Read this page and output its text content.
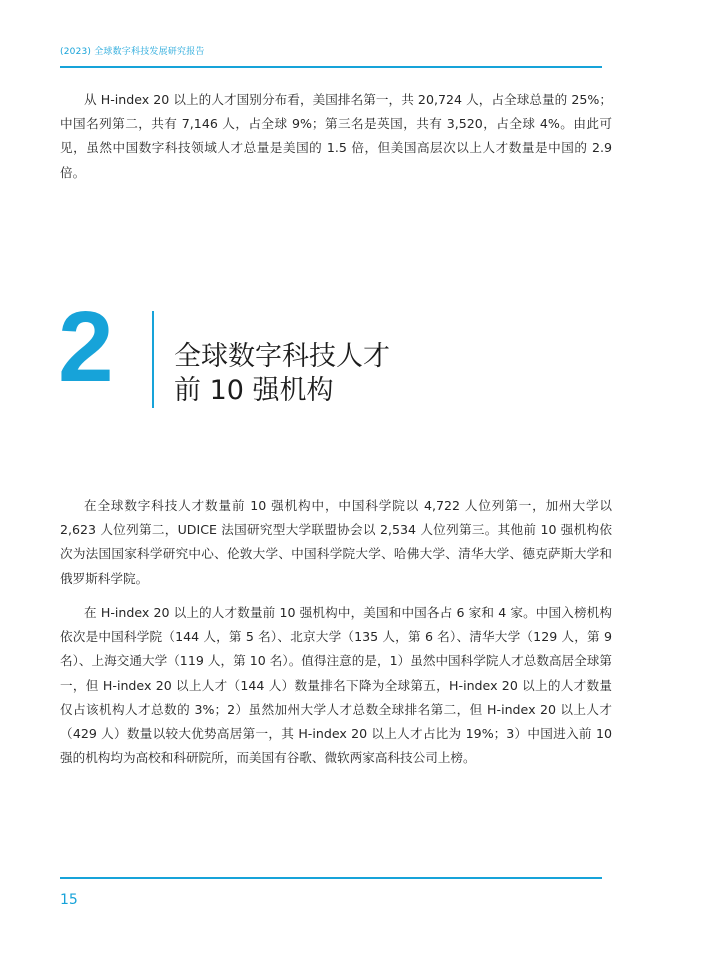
(2023) 全球数字科技发展研究报告

从 H-index 20 以上的人才国别分布看，美国排名第一，共 20,724 人，占全球总量的 25%；中国名列第二，共有 7,146 人，占全球 9%；第三名是英国，共有 3,520，占全球 4%。由此可见，虽然中国数字科技领域人才总量是美国的 1.5 倍，但美国高层次以上人才数量是中国的 2.9 倍。

2 全球数字科技人才
前 10 强机构

在全球数字科技人才数量前 10 强机构中，中国科学院以 4,722 人位列第一，加州大学以 2,623 人位列第二，UDICE 法国研究型大学联盟协会以 2,534 人位列第三。其他前 10 强机构依次为法国国家科学研究中心、伦敦大学、中国科学院大学、哈佛大学、清华大学、德克萨斯大学和俄罗斯科学院。

在 H-index 20 以上的人才数量前 10 强机构中，美国和中国各占 6 家和 4 家。中国入榜机构依次是中国科学院（144 人，第 5 名）、北京大学（135 人，第 6 名）、清华大学（129 人，第 9 名）、上海交通大学（119 人，第 10 名）。值得注意的是，1）虽然中国科学院人才总数高居全球第一，但 H-index 20 以上人才（144 人）数量排名下降为全球第五，H-index 20 以上的人才数量仅占该机构人才总数的 3%；2）虽然加州大学人才总数全球排名第二，但 H-index 20 以上人才（429 人）数量以较大优势高居第一，其 H-index 20 以上人才占比为 19%；3）中国进入前 10 强的机构均为高校和科研院所，而美国有谷歌、微软两家高科技公司上榜。

15
